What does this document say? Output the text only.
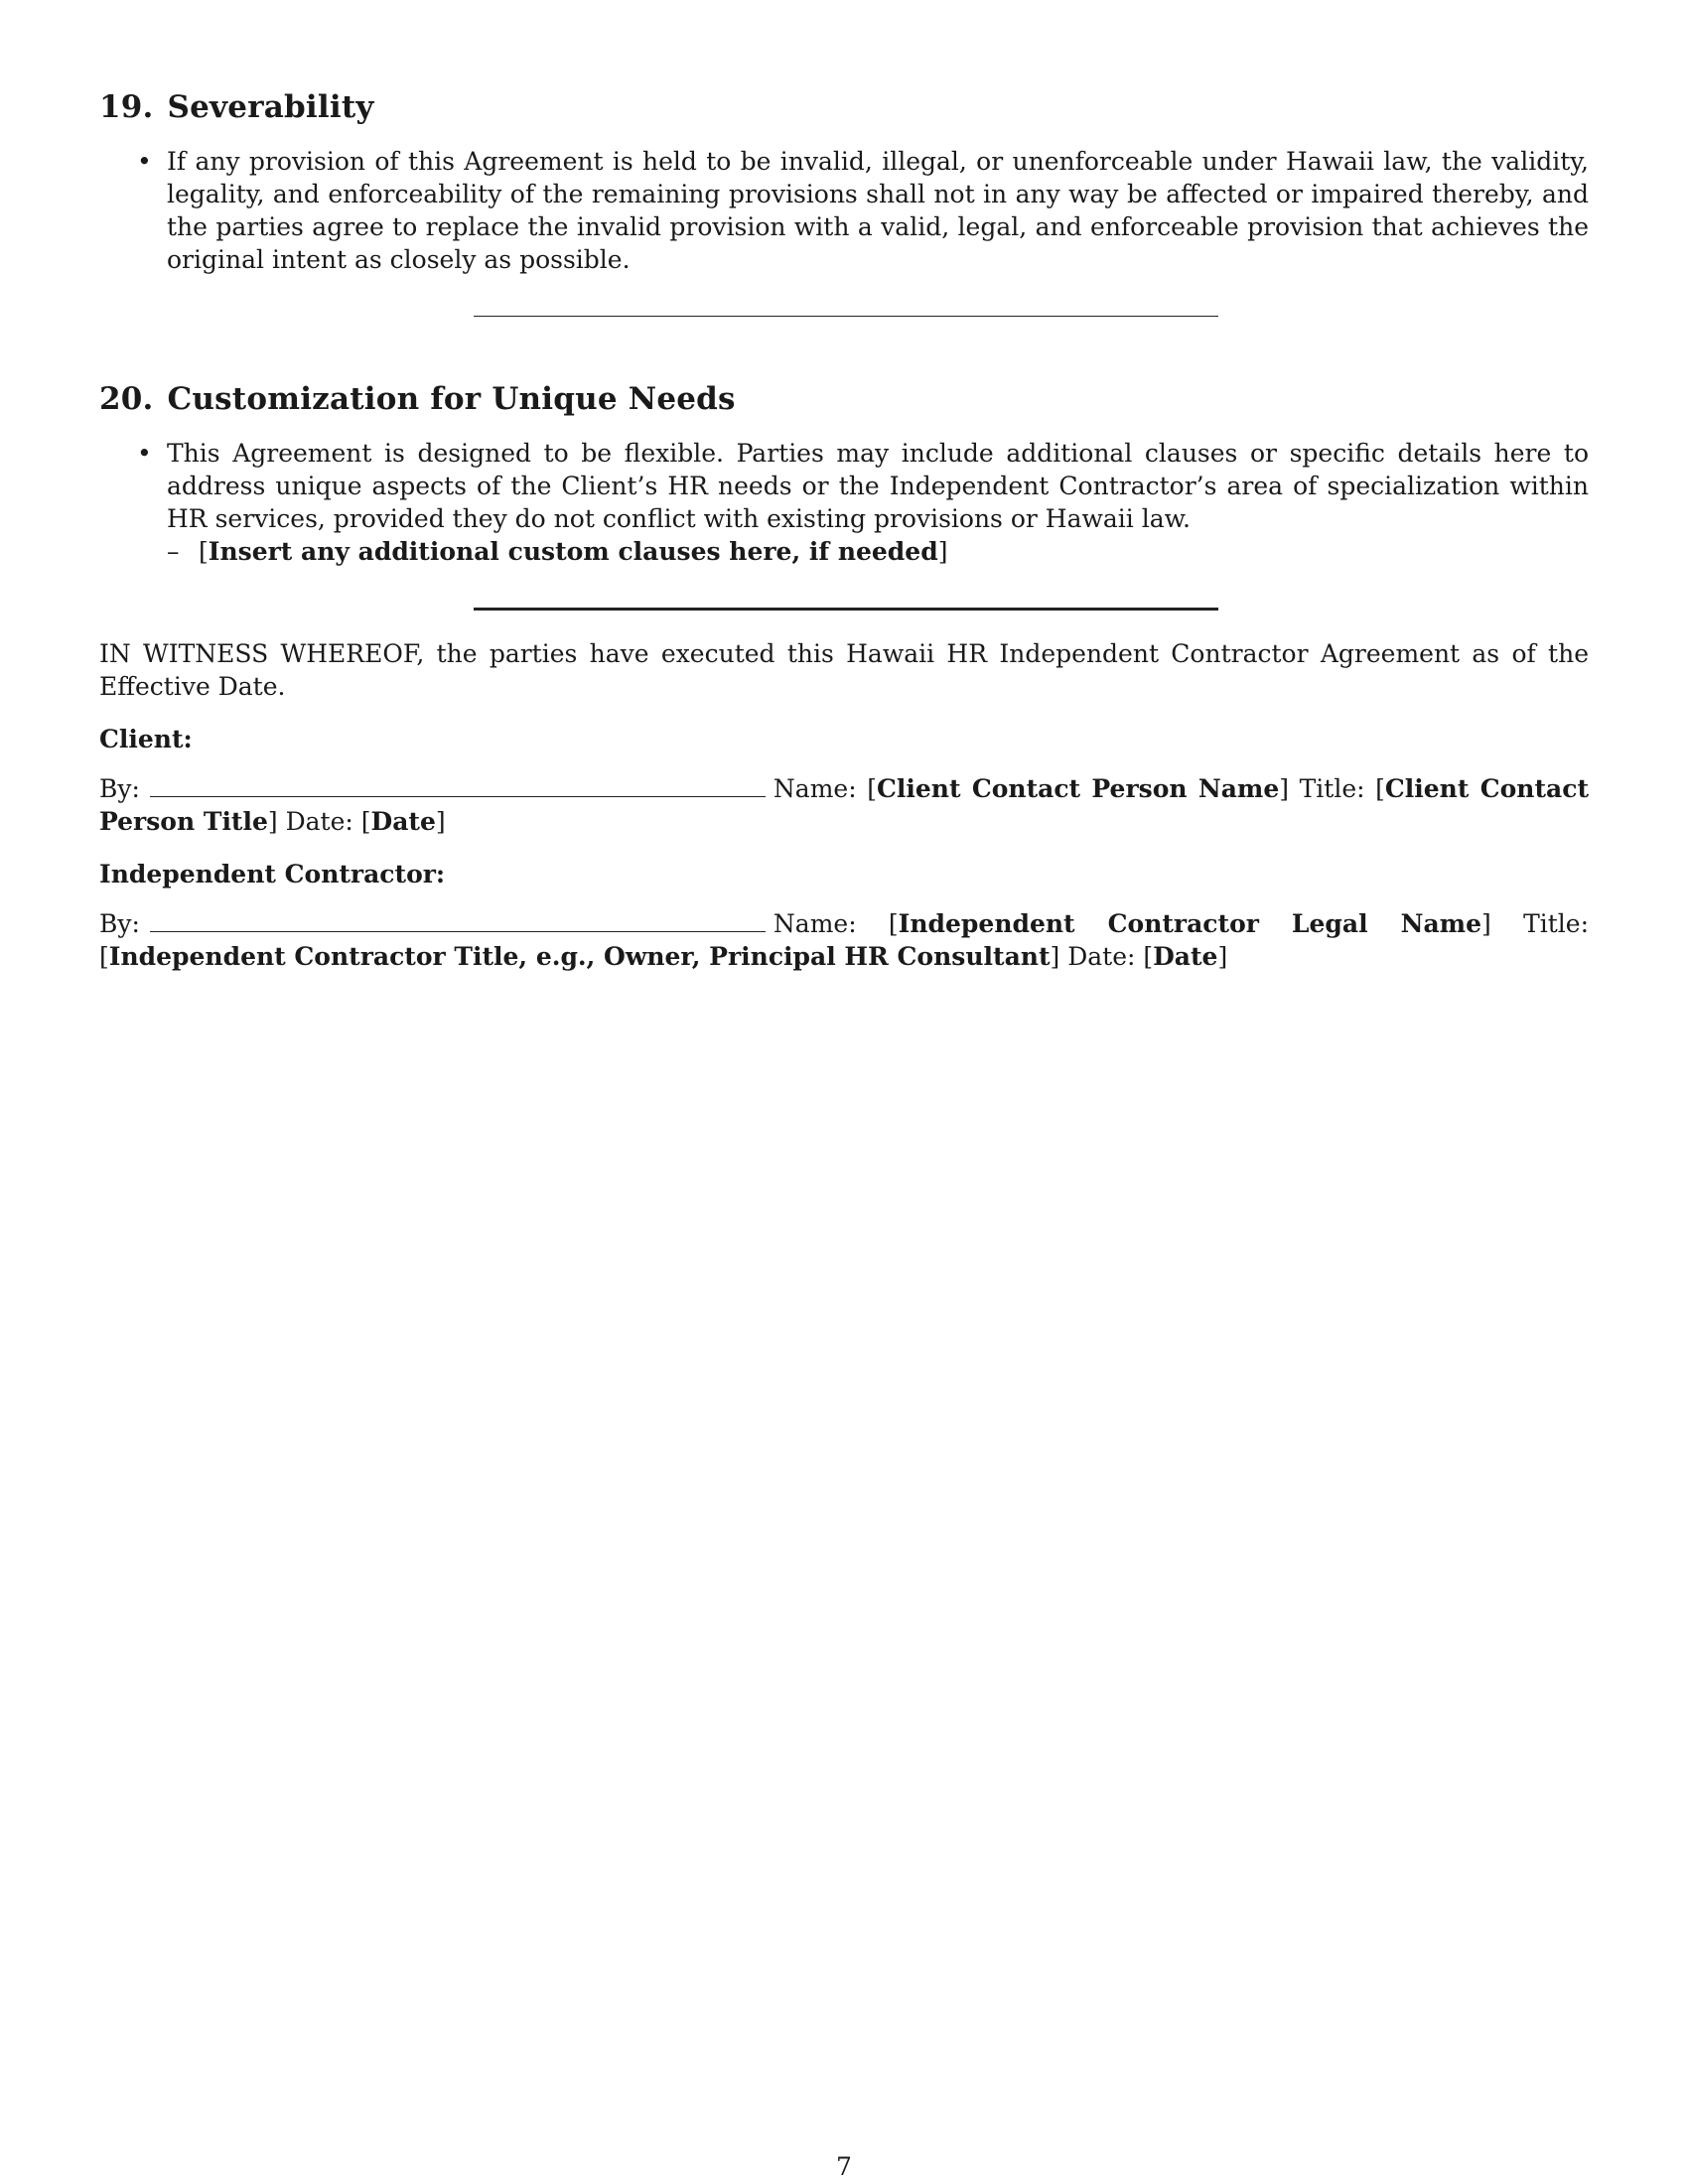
19. Severability
• If any provision of this Agreement is held to be invalid, illegal, or unenforceable under Hawaii law, the validity, legality, and enforceability of the remaining provisions shall not in any way be affected or impaired thereby, and the parties agree to replace the invalid provision with a valid, legal, and enforceable provision that achieves the original intent as closely as possible.
20. Customization for Unique Needs
• This Agreement is designed to be flexible. Parties may include additional clauses or specific details here to address unique aspects of the Client’s HR needs or the Independent Contractor’s area of specialization within HR services, provided they do not conflict with existing provisions or Hawaii law.
– [Insert any additional custom clauses here, if needed]

IN WITNESS WHEREOF, the parties have executed this Hawaii HR Independent Contractor Agreement as of the Effective Date.

Client:
By:	Name: [Client Contact Person Name] Title: [Client Contact Person Title] Date: [Date]
Independent Contractor:
By:	Name: [Independent Contractor Legal Name] Title: [Independent Contractor Title, e.g., Owner, Principal HR Consultant] Date: [Date]
7
